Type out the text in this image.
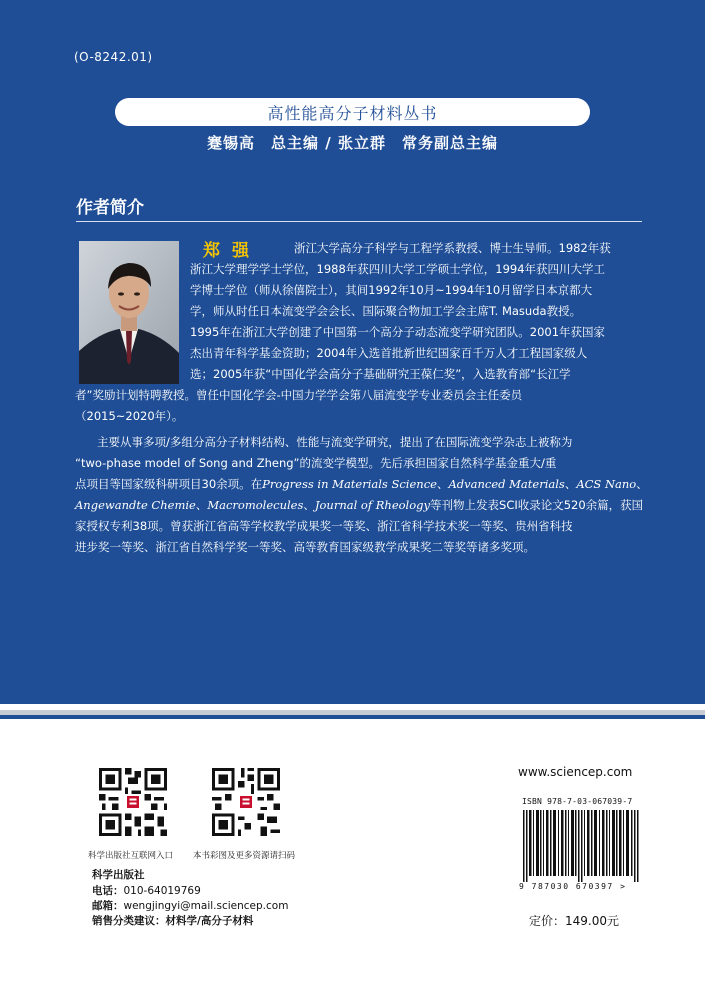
(O-8242.01)
高性能高分子材料丛书
蹇锡高　总主编 / 张立群　常务副总主编
作者简介
郑强	浙江大学高分子科学与工程学系教授、博士生导师。1982年获

浙江大学理学学士学位，1988年获四川大学工学硕士学位，1994年获四川大学工

学博士学位（师从徐僖院士），其间1992年10月~1994年10月留学日本京都大

学，师从时任日本流变学会会长、国际聚合物加工学会主席T. Masuda教授。

1995年在浙江大学创建了中国第一个高分子动态流变学研究团队。2001年获国家

杰出青年科学基金资助；2004年入选首批新世纪国家百千万人才工程国家级人

选；2005年获“中国化学会高分子基础研究王葆仁奖”，入选教育部“长江学

者”奖励计划特聘教授。曾任中国化学会-中国力学学会第八届流变学专业委员会主任委员

（2015~2020年）。

主要从事多项/多组分高分子材料结构、性能与流变学研究，提出了在国际流变学杂志上被称为

“two-phase model of Song and Zheng”的流变学模型。先后承担国家自然科学基金重大/重

点项目等国家级科研项目30余项。在Progress in Materials Science、Advanced Materials、ACS Nano、

Angewandte Chemie、Macromolecules、Journal of Rheology等刊物上发表SCI收录论文520余篇，获国

家授权专利38项。曾获浙江省高等学校教学成果奖一等奖、浙江省科学技术奖一等奖、贵州省科技

进步奖一等奖、浙江省自然科学奖一等奖、高等教育国家级教学成果奖二等奖等诸多奖项。

科学出版社互联网入口 本书彩图及更多资源请扫码
科学出版社
电话：010-64019769
邮箱：wengjingyi@mail.sciencep.com
销售分类建议：材料学/高分子材料
www.sciencep.com
ISBN 978-7-03-067039-7
9 787030 670397 >
定价：149.00元
